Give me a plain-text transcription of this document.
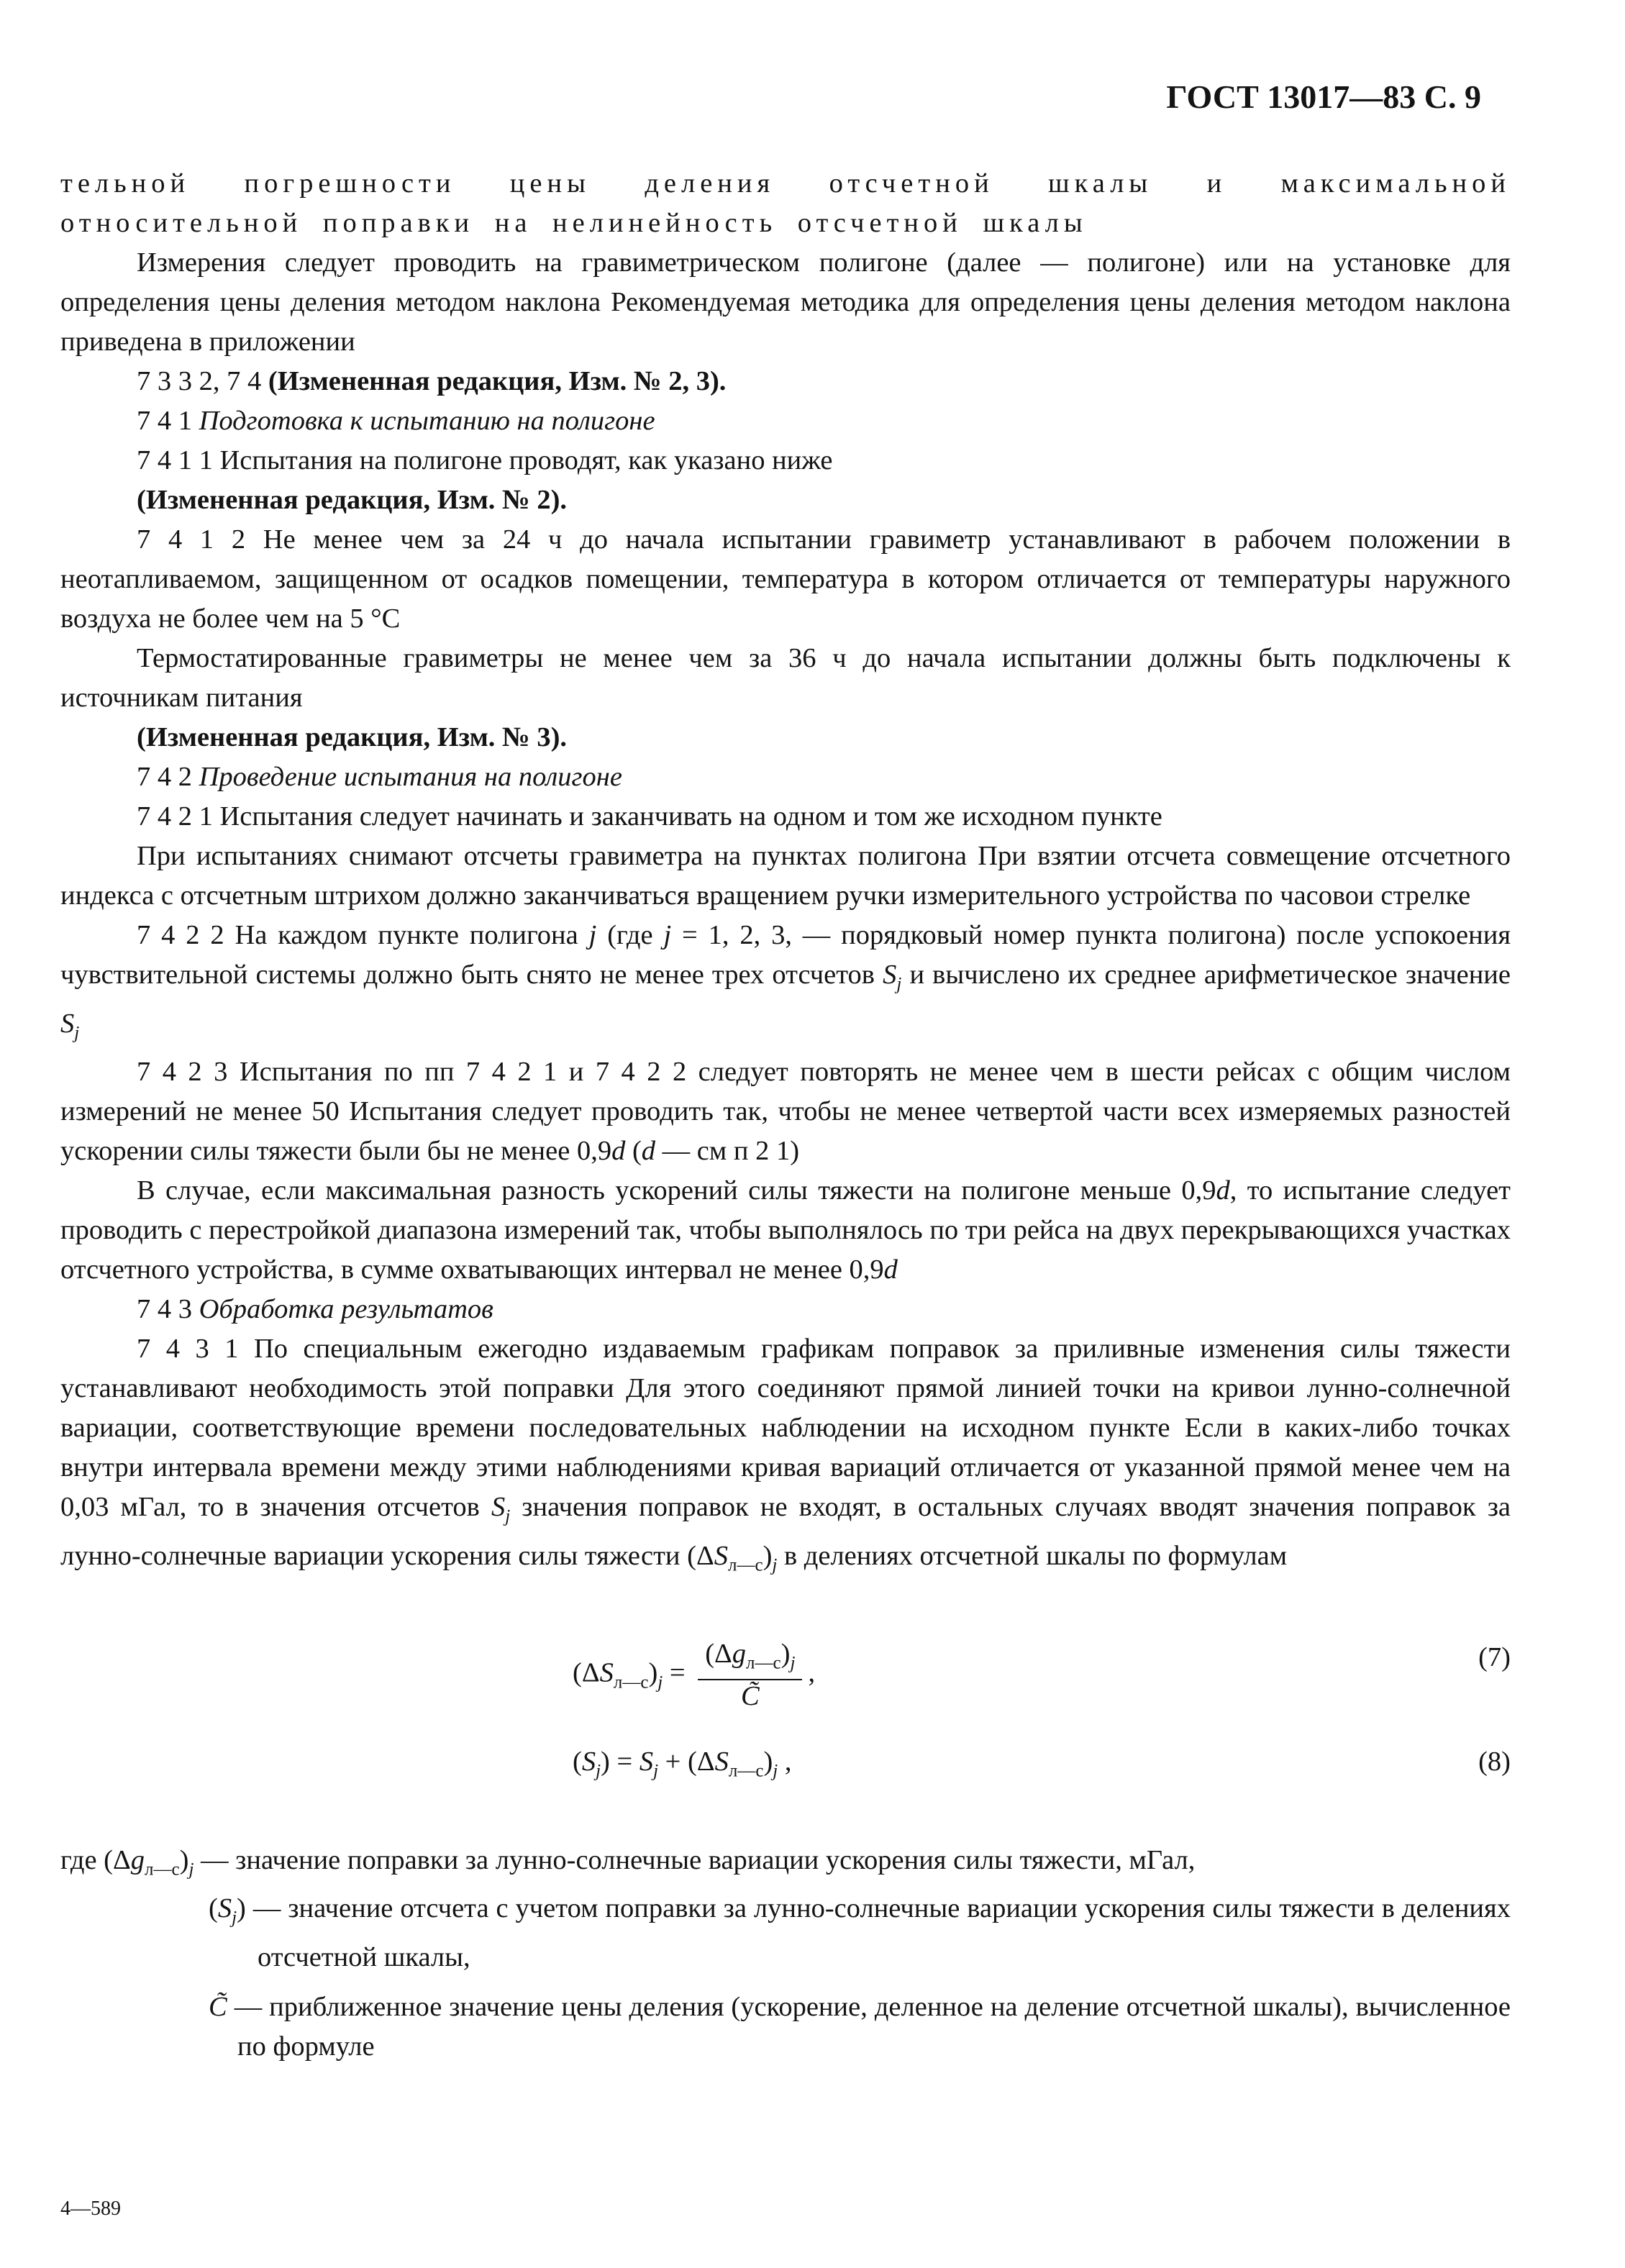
ГОСТ 13017—83 С. 9

тельной погрешности цены деления отсчетной шкалы и максимальной относительной поправки на нелинейность отсчетной шкалы

Измерения следует проводить на гравиметрическом полигоне (далее — полигоне) или на установке для определения цены деления методом наклона Рекомендуемая методика для определения цены деления методом наклона приведена в приложении

7 3 3 2, 7 4 (Измененная редакция, Изм. № 2, 3).

7 4 1 Подготовка к испытанию на полигоне

7 4 1 1 Испытания на полигоне проводят, как указано ниже

(Измененная редакция, Изм. № 2).

7 4 1 2 Не менее чем за 24 ч до начала испытании гравиметр устанавливают в рабочем положении в неотапливаемом, защищенном от осадков помещении, температура в котором отличается от температуры наружного воздуха не более чем на 5 °C

Термостатированные гравиметры не менее чем за 36 ч до начала испытании должны быть подключены к источникам питания

(Измененная редакция, Изм. № 3).

7 4 2 Проведение испытания на полигоне

7 4 2 1 Испытания следует начинать и заканчивать на одном и том же исходном пункте

При испытаниях снимают отсчеты гравиметра на пунктах полигона При взятии отсчета совмещение отсчетного индекса с отсчетным штрихом должно заканчиваться вращением ручки измерительного устройства по часовои стрелке

7 4 2 2 На каждом пункте полигона j (где j = 1, 2, 3, — порядковый номер пункта полигона) после успокоения чувствительной системы должно быть снято не менее трех отсчетов $S_j$ и вычислено их среднее арифметическое значение $S_j$

7 4 2 3 Испытания по пп 7 4 2 1 и 7 4 2 2 следует повторять не менее чем в шести рейсах с общим числом измерений не менее 50 Испытания следует проводить так, чтобы не менее четвертой части всех измеряемых разностей ускорении силы тяжести были бы не менее 0,9d (d — см п 2 1)

В случае, если максимальная разность ускорений силы тяжести на полигоне меньше 0,9d, то испытание следует проводить с перестройкой диапазона измерений так, чтобы выполнялось по три рейса на двух перекрывающихся участках отсчетного устройства, в сумме охватывающих интервал не менее 0,9d

7 4 3 Обработка результатов

7 4 3 1 По специальным ежегодно издаваемым графикам поправок за приливные изменения силы тяжести устанавливают необходимость этой поправки Для этого соединяют прямой линией точки на кривои лунно-солнечной вариации, соответствующие времени последовательных наблюдении на исходном пункте Если в каких-либо точках внутри интервала времени между этими наблюдениями кривая вариаций отличается от указанной прямой менее чем на 0,03 мГал, то в значения отсчетов $S_j$ значения поправок не входят, в остальных случаях вводят значения поправок за лунно-солнечные вариации ускорения силы тяжести $(\Delta S_{л—с})_j$ в делениях отсчетной шкалы по формулам

$(\Delta S_{л—с})_j = \frac{(\Delta g_{л—с})_j}{C̃}$ ,
(7)
$(S_j) = S_j + (\Delta S_{л—с})_j$ ,	(8)

где $(\Delta g_{л—с})_j$ — значение поправки за лунно-солнечные вариации ускорения силы тяжести, мГал,

$(S_j)$ — значение отсчета с учетом поправки за лунно-солнечные вариации ускорения силы тяжести в делениях отсчетной шкалы,

C̃ — приближенное значение цены деления (ускорение, деленное на деление отсчетной шкалы), вычисленное по формуле

4—589
